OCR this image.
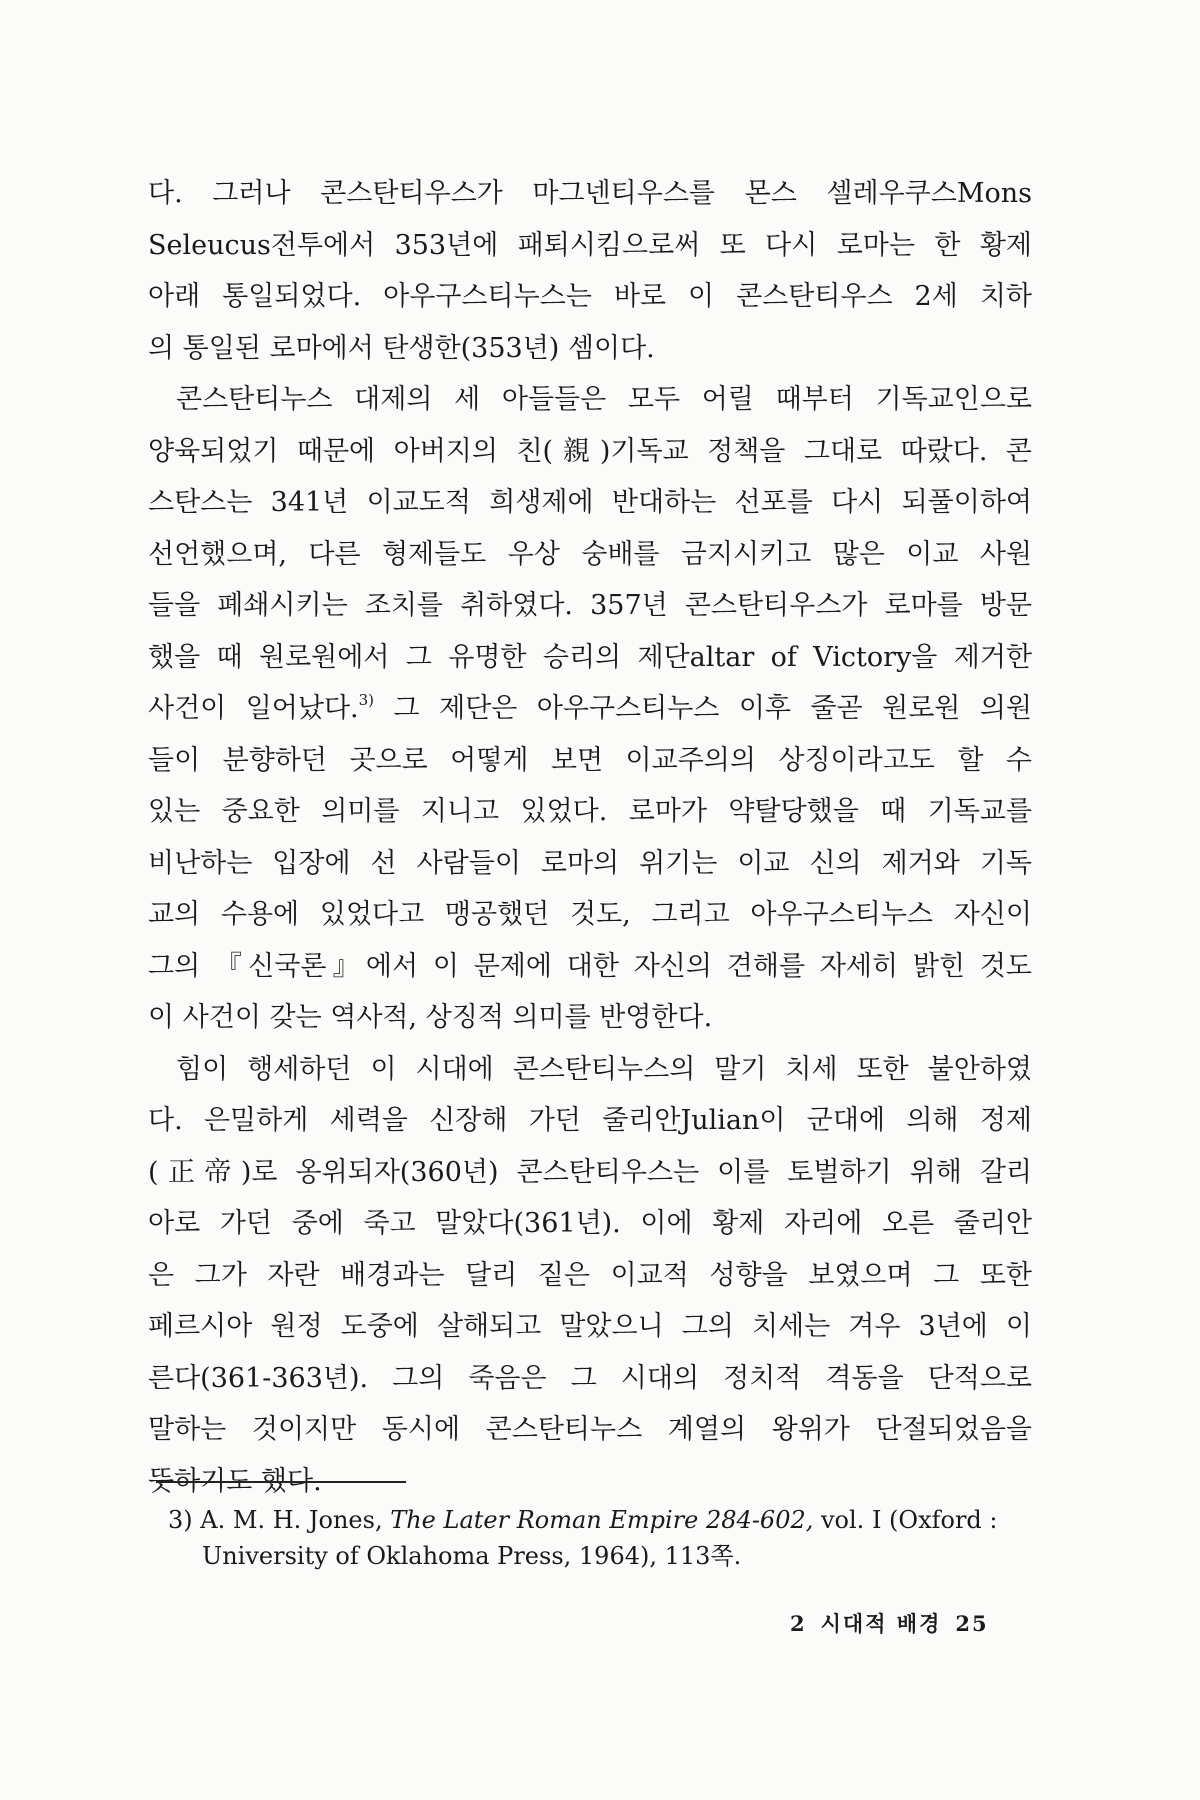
다. 그러나 콘스탄티우스가 마그넨티우스를 몬스 셀레우쿠스Mons
Seleucus전투에서 353년에 패퇴시킴으로써 또 다시 로마는 한 황제
아래 통일되었다. 아우구스티누스는 바로 이 콘스탄티우스 2세 치하
의 통일된 로마에서 탄생한(353년) 셈이다.
콘스탄티누스 대제의 세 아들들은 모두 어릴 때부터 기독교인으로
양육되었기 때문에 아버지의 친(親)기독교 정책을 그대로 따랐다. 콘
스탄스는 341년 이교도적 희생제에 반대하는 선포를 다시 되풀이하여
선언했으며, 다른 형제들도 우상 숭배를 금지시키고 많은 이교 사원
들을 폐쇄시키는 조치를 취하였다. 357년 콘스탄티우스가 로마를 방문
했을 때 원로원에서 그 유명한 승리의 제단altar of Victory을 제거한
사건이 일어났다.$^{3)}$ 그 제단은 아우구스티누스 이후 줄곧 원로원 의원
들이 분향하던 곳으로 어떻게 보면 이교주의의 상징이라고도 할 수
있는 중요한 의미를 지니고 있었다. 로마가 약탈당했을 때 기독교를
비난하는 입장에 선 사람들이 로마의 위기는 이교 신의 제거와 기독
교의 수용에 있었다고 맹공했던 것도, 그리고 아우구스티누스 자신이
그의 『신국론』에서 이 문제에 대한 자신의 견해를 자세히 밝힌 것도
이 사건이 갖는 역사적, 상징적 의미를 반영한다.
힘이 행세하던 이 시대에 콘스탄티누스의 말기 치세 또한 불안하였
다. 은밀하게 세력을 신장해 가던 줄리안Julian이 군대에 의해 정제
(正帝)로 옹위되자(360년) 콘스탄티우스는 이를 토벌하기 위해 갈리
아로 가던 중에 죽고 말았다(361년). 이에 황제 자리에 오른 줄리안
은 그가 자란 배경과는 달리 짙은 이교적 성향을 보였으며 그 또한
페르시아 원정 도중에 살해되고 말았으니 그의 치세는 겨우 3년에 이
른다(361-363년). 그의 죽음은 그 시대의 정치적 격동을 단적으로
말하는 것이지만 동시에 콘스탄티누스 계열의 왕위가 단절되었음을
뜻하기도 했다.
3) A. M. H. Jones, The Later Roman Empire 284-602, vol. I (Oxford :
University of Oklahoma Press, 1964), 113쪽.
2 시대적 배경 25
